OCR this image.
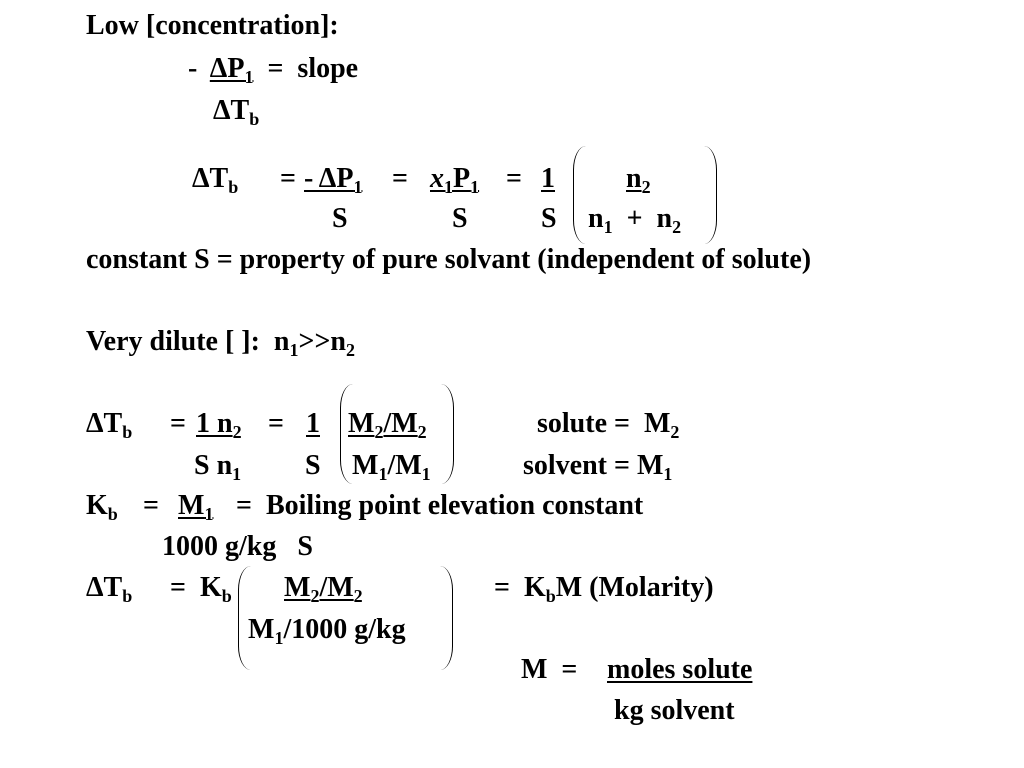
Low [concentration]:
- $\Delta P_1$ =  slope
$\Delta T_b$
$\Delta T_b$ = - $\Delta P_1 = x_1P_1 = 1$
S	S	S
$n_2$
$n_1 + n_2$
constant S = property of pure solvant (independent of solute)
Very dilute [ ]:  $n_1>>n_2$
$\Delta T_b = 1$ $n_2 = 1$
S $n_1$ S
$M_2/M_2$
$M_1/M_1$
solute =  $M_2$
solvent = $M_1$
$K_b = M_1$ =  Boiling point elevation constant
1000 g/kg   S
$\Delta T_b = K_b$ $M_2/M_2$
$M_1/1000$ g/kg
=  $K_bM$ (Molarity)
M  = moles solute
kg solvent
